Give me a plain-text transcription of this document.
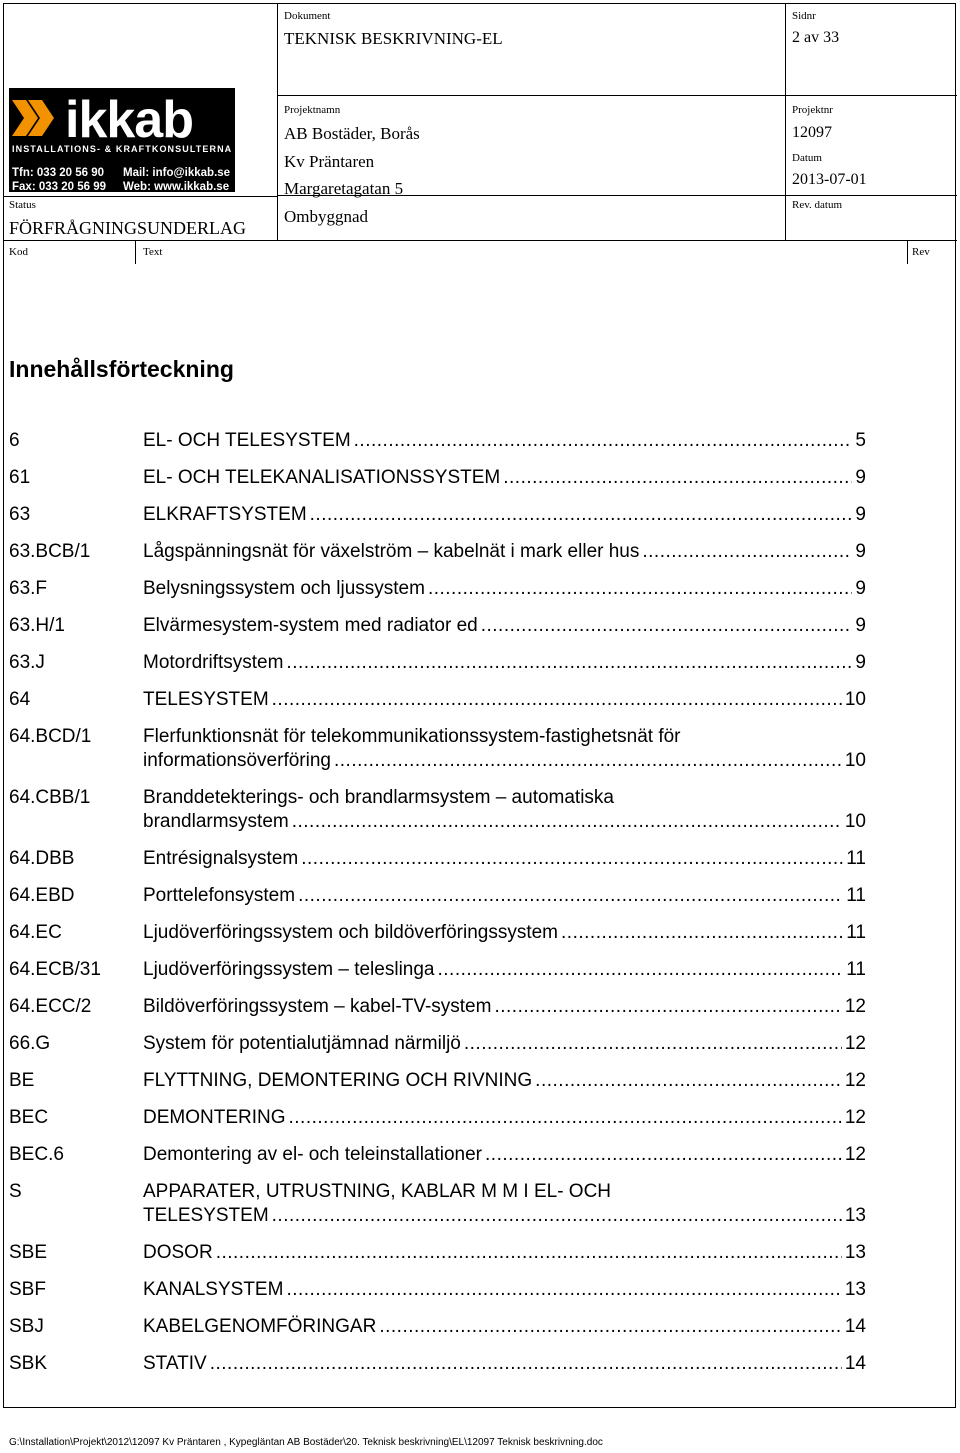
Dokument
TEKNISK BESKRIVNING-EL
Sidnr
2 av 33
Projektnamn
AB Bostäder, Borås
Kv Präntaren
Margaretagatan 5
Ombyggnad
Projektnr
12097
Datum
2013-07-01
Rev. datum
Status
FÖRFRÅGNINGSUNDERLAG
Kod	Text	Rev
ikkab
INSTALLATIONS- & KRAFTKONSULTERNA
Tfn: 033 20 56 90 Mail: info@ikkab.se
Fax: 033 20 56 99 Web: www.ikkab.se
Innehållsförteckning
6	EL- OCH TELESYSTEM .....	5
61	EL- OCH TELEKANALISATIONSSYSTEM .....	9
63	ELKRAFTSYSTEM .....	9
63.BCB/1	Lågspänningsnät för växelström – kabelnät i mark eller hus .....	9
63.F	Belysningssystem och ljussystem .....	9
63.H/1	Elvärmesystem-system med radiator ed .....	9
63.J	Motordriftsystem .....	9
64	TELESYSTEM .....	10
64.BCD/1	Flerfunktionsnät för telekommunikationssystem-fastighetsnät för
informationsöverföring .....	10
64.CBB/1	Branddetekterings- och brandlarmsystem – automatiska
brandlarmsystem .....	10
64.DBB	Entrésignalsystem .....	11
64.EBD	Porttelefonsystem .....	11
64.EC	Ljudöverföringssystem och bildöverföringssystem .....	11
64.ECB/31 Ljudöverföringssystem – teleslinga .....	11
64.ECC/2	Bildöverföringssystem – kabel-TV-system .....	12
66.G	System för potentialutjämnad närmiljö .....	12
BE	FLYTTNING, DEMONTERING OCH RIVNING .....	12
BEC	DEMONTERING .....	12
BEC.6	Demontering av el- och teleinstallationer .....	12
S	APPARATER, UTRUSTNING, KABLAR M M I EL- OCH
TELESYSTEM .....	13
SBE	DOSOR .....	13
SBF	KANALSYSTEM .....	13
SBJ	KABELGENOMFÖRINGAR .....	14
SBK	STATIV .....	14
G:\Installation\Projekt\2012\12097 Kv Präntaren , Kypegläntan AB Bostäder\20. Teknisk beskrivning\EL\12097 Teknisk beskrivning.doc
